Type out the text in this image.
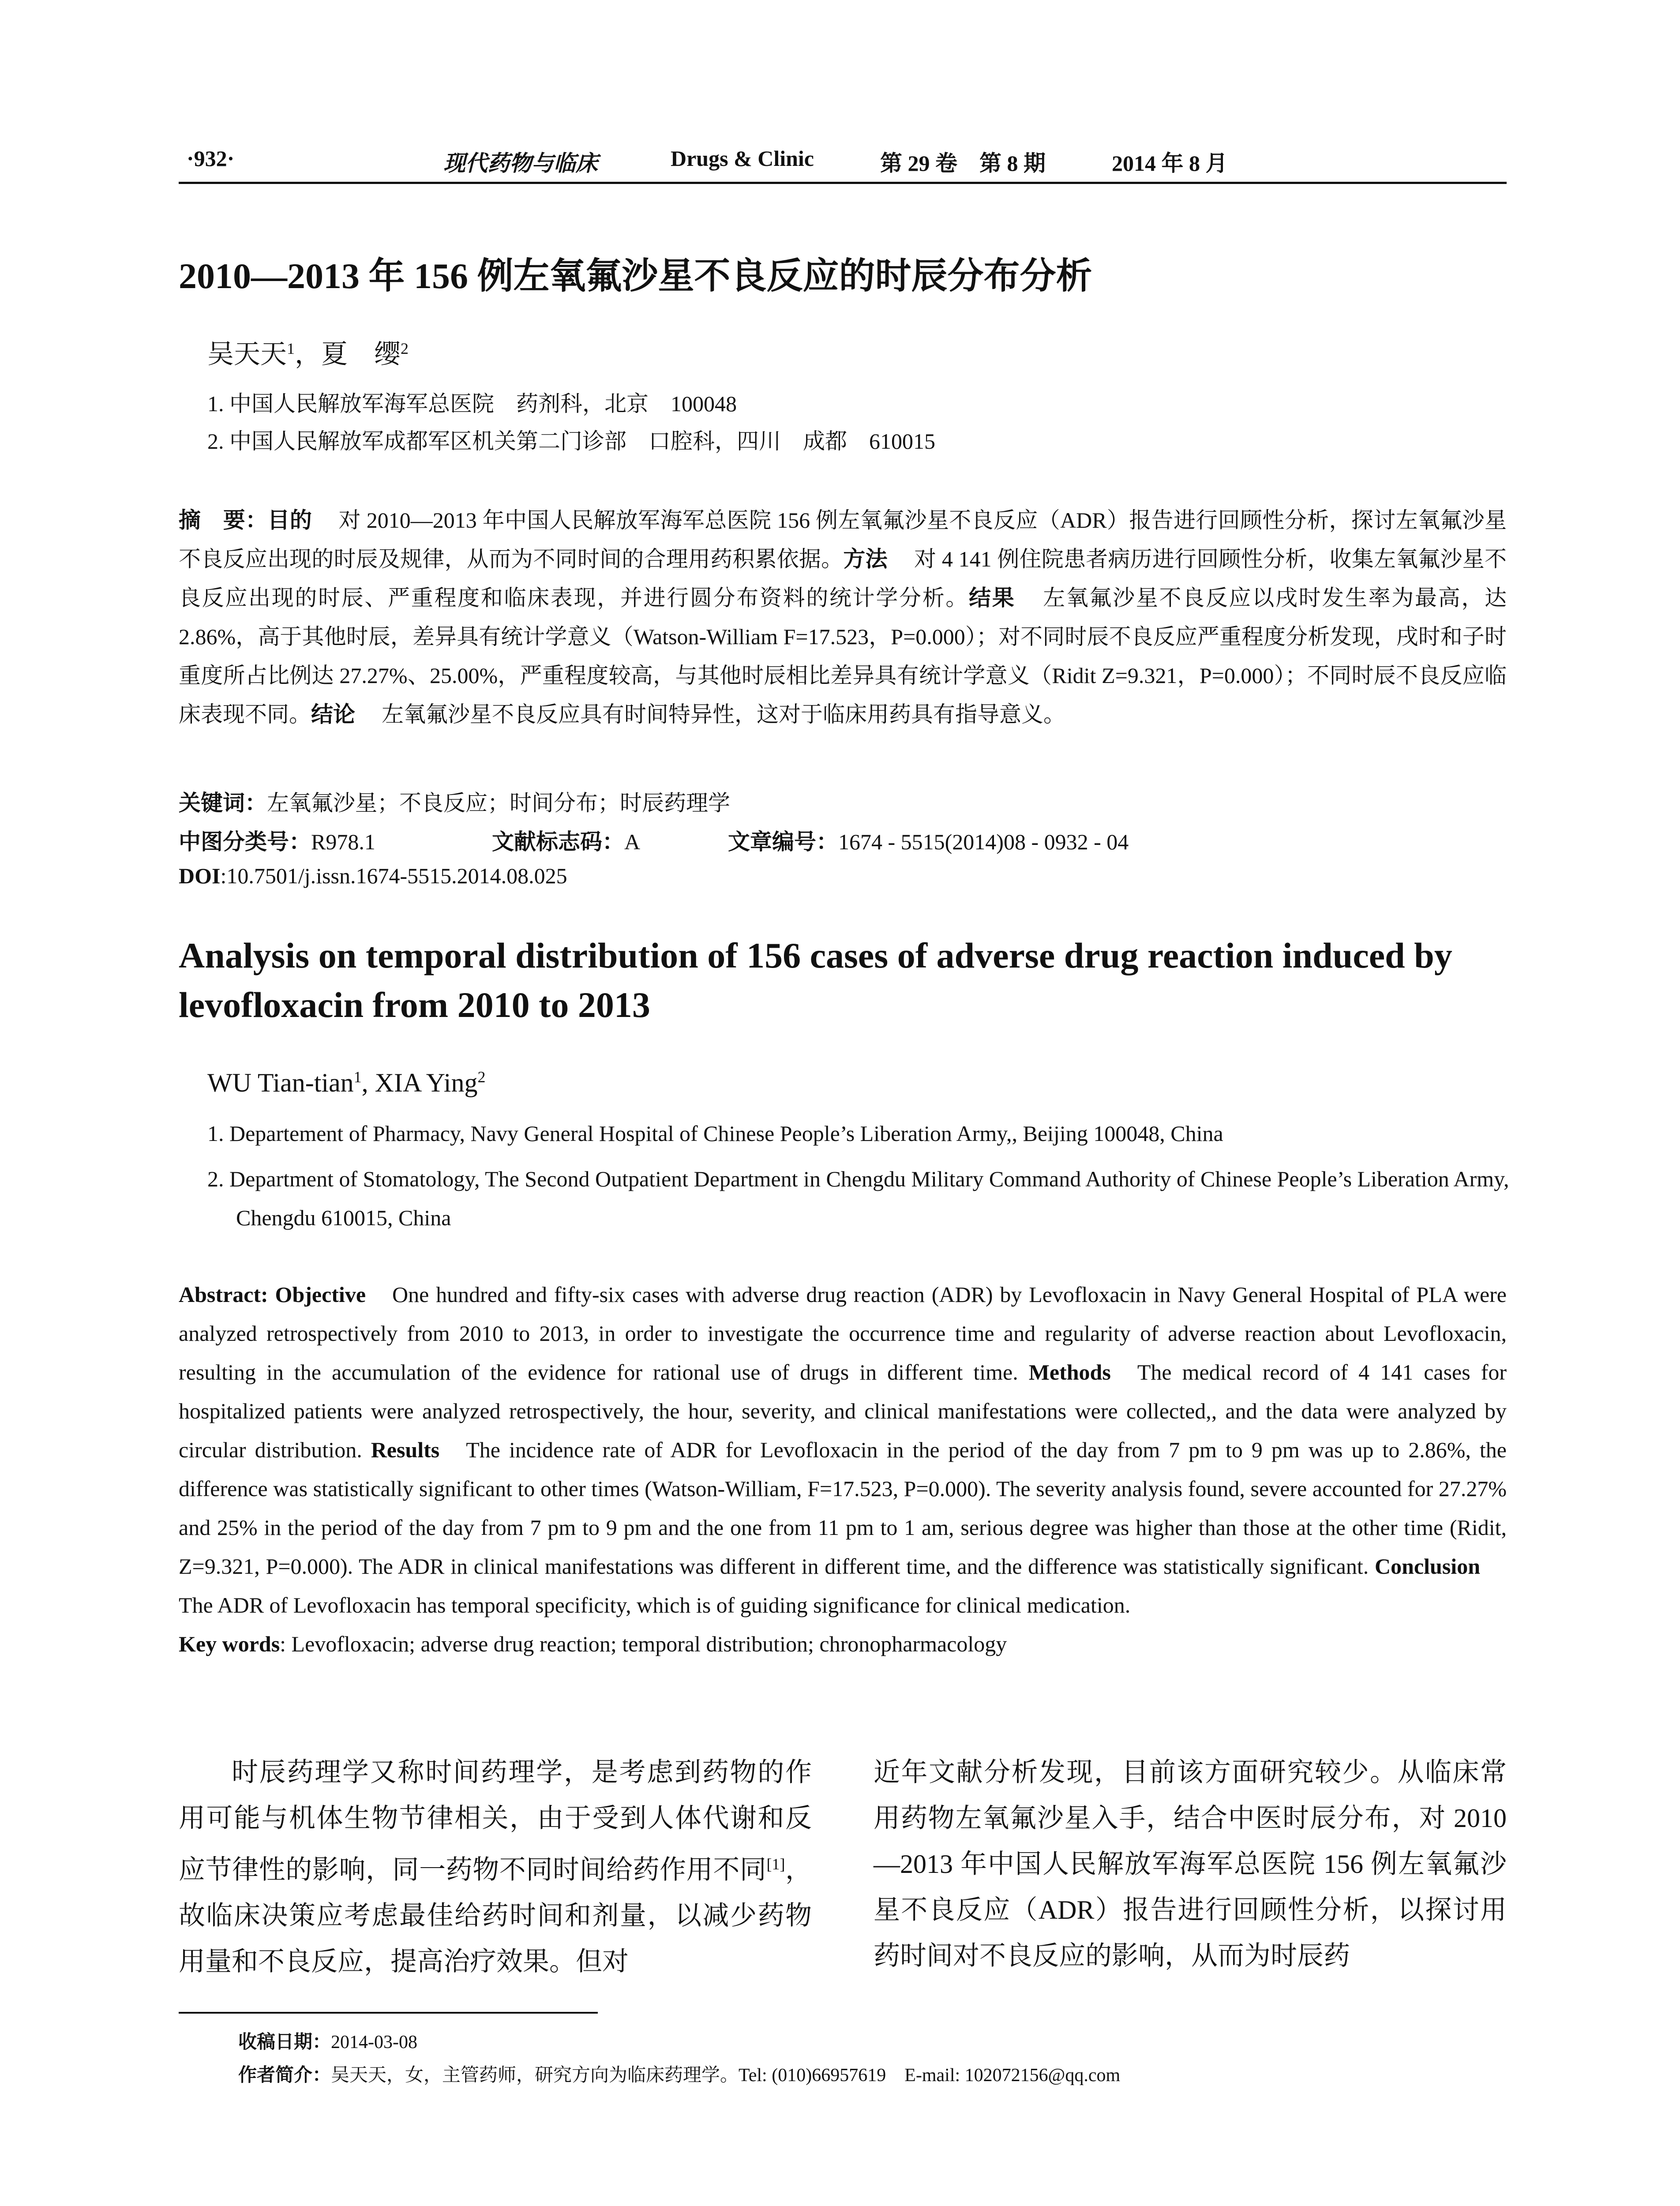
·932·	现代药物与临床	Drugs & Clinic	第 29 卷　第 8 期	2014 年 8 月
2010—2013 年 156 例左氧氟沙星不良反应的时辰分布分析
吴天天$^1$，夏　缨$^2$
1. 中国人民解放军海军总医院　药剂科，北京　100048
2. 中国人民解放军成都军区机关第二门诊部　口腔科，四川　成都　610015
摘　要：目的 对 2010—2013 年中国人民解放军海军总医院 156 例左氧氟沙星不良反应（ADR）报告进行回顾性分析，探讨左氧氟沙星不良反应出现的时辰及规律，从而为不同时间的合理用药积累依据。方法 对 4 141 例住院患者病历进行回顾性分析，收集左氧氟沙星不良反应出现的时辰、严重程度和临床表现，并进行圆分布资料的统计学分析。结果 左氧氟沙星不良反应以戌时发生率为最高，达 2.86%，高于其他时辰，差异具有统计学意义（Watson-William F=17.523，P=0.000）；对不同时辰不良反应严重程度分析发现，戌时和子时重度所占比例达 27.27%、25.00%，严重程度较高，与其他时辰相比差异具有统计学意义（Ridit Z=9.321，P=0.000）；不同时辰不良反应临床表现不同。结论 左氧氟沙星不良反应具有时间特异性，这对于临床用药具有指导意义。
关键词：左氧氟沙星；不良反应；时间分布；时辰药理学
中图分类号：R978.1	文献标志码：A	文章编号：1674 - 5515(2014)08 - 0932 - 04
DOI:10.7501/j.issn.1674-5515.2014.08.025
Analysis on temporal distribution of 156 cases of adverse drug reaction induced by levofloxacin from 2010 to 2013
WU Tian-tian$^1$, XIA Ying$^2$
1. Departement of Pharmacy, Navy General Hospital of Chinese People’s Liberation Army,, Beijing 100048, China
2. Department of Stomatology, The Second Outpatient Department in Chengdu Military Command Authority of Chinese People’s Liberation Army, Chengdu 610015, China
Abstract: Objective One hundred and fifty-six cases with adverse drug reaction (ADR) by Levofloxacin in Navy General Hospital of PLA were analyzed retrospectively from 2010 to 2013, in order to investigate the occurrence time and regularity of adverse reaction about Levofloxacin, resulting in the accumulation of the evidence for rational use of drugs in different time. Methods The medical record of 4 141 cases for hospitalized patients were analyzed retrospectively, the hour, severity, and clinical manifestations were collected,, and the data were analyzed by circular distribution. Results The incidence rate of ADR for Levofloxacin in the period of the day from 7 pm to 9 pm was up to 2.86%, the difference was statistically significant to other times (Watson-William, F=17.523, P=0.000). The severity analysis found, severe accounted for 27.27% and 25% in the period of the day from 7 pm to 9 pm and the one from 11 pm to 1 am, serious degree was higher than those at the other time (Ridit, Z=9.321, P=0.000). The ADR in clinical manifestations was different in different time, and the difference was statistically significant. ConclusionThe ADR of Levofloxacin has temporal specificity, which is of guiding significance for clinical medication.
Key words: Levofloxacin; adverse drug reaction; temporal distribution; chronopharmacology
时辰药理学又称时间药理学，是考虑到药物的作用可能与机体生物节律相关，由于受到人体代谢和反应节律性的影响，同一药物不同时间给药作用不同[1]，故临床决策应考虑最佳给药时间和剂量，以减少药物用量和不良反应，提高治疗效果。但对
近年文献分析发现，目前该方面研究较少。从临床常用药物左氧氟沙星入手，结合中医时辰分布，对 2010—2013 年中国人民解放军海军总医院 156 例左氧氟沙星不良反应（ADR）报告进行回顾性分析，以探讨用药时间对不良反应的影响，从而为时辰药
收稿日期：2014-03-08
作者简介：吴天天，女，主管药师，研究方向为临床药理学。Tel: (010)66957619　E-mail: 102072156@qq.com
